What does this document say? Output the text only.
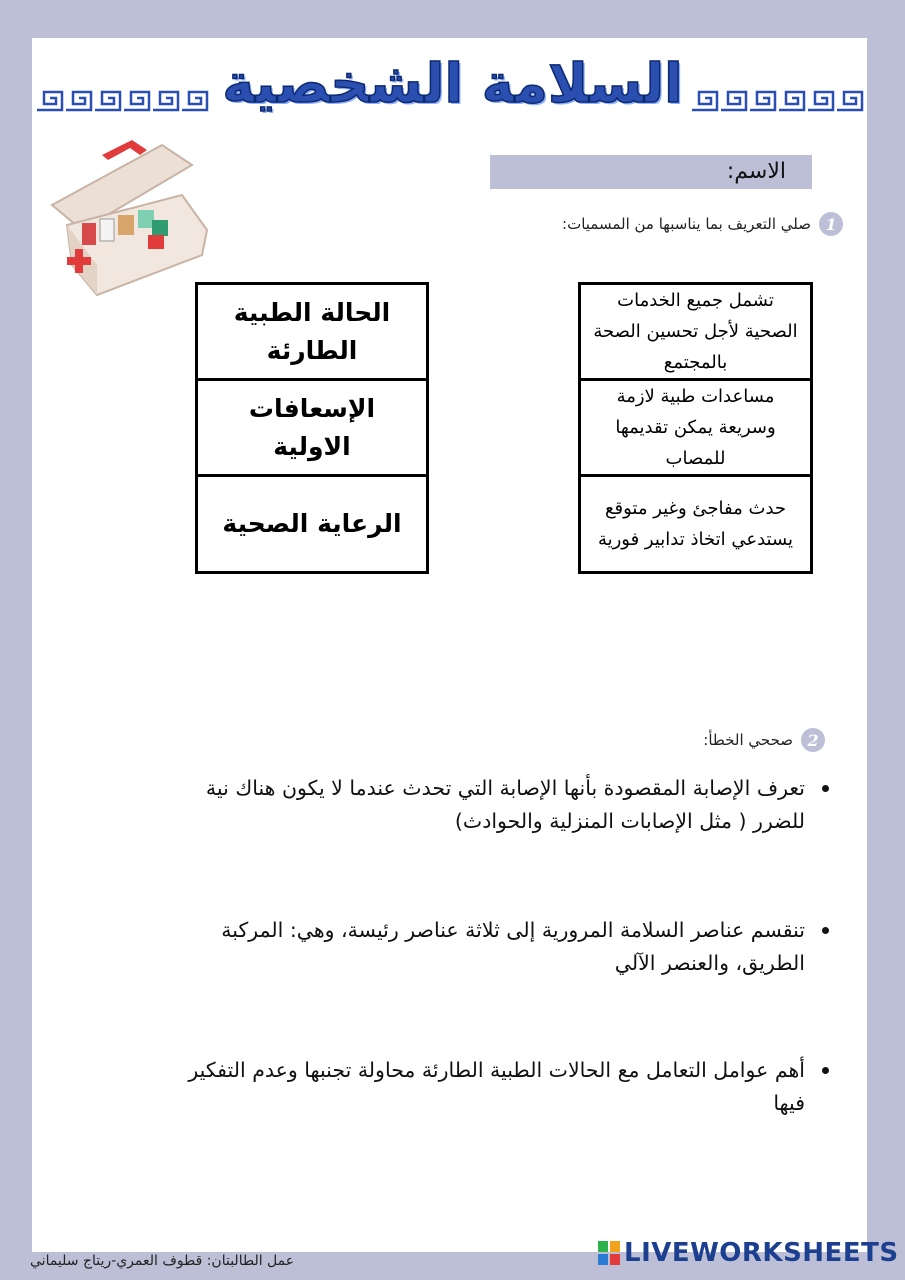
السلامة الشخصية
الاسم:
1
صلي التعريف بما يناسبها من المسميات:
الحالة الطبية الطارئة
الإسعافات الاولية
الرعاية الصحية
تشمل جميع الخدمات الصحية لأجل تحسين الصحة بالمجتمع
مساعدات طبية لازمة وسريعة يمكن تقديمها للمصاب
حدث مفاجئ وغير متوقع يستدعي اتخاذ تدابير فورية
2
صححي الخطأ:
تعرف الإصابة المقصودة بأنها الإصابة التي تحدث عندما لا يكون هناك نية للضرر ( مثل الإصابات المنزلية والحوادث)
تنقسم عناصر السلامة المرورية إلى ثلاثة عناصر رئيسة، وهي: المركبة الطريق، والعنصر الآلي
أهم عوامل التعامل مع الحالات الطبية الطارئة محاولة تجنبها وعدم التفكير فيها
عمل الطالبتان: قطوف العمري-ريتاج سليماني	LIVEWORKSHEETS
